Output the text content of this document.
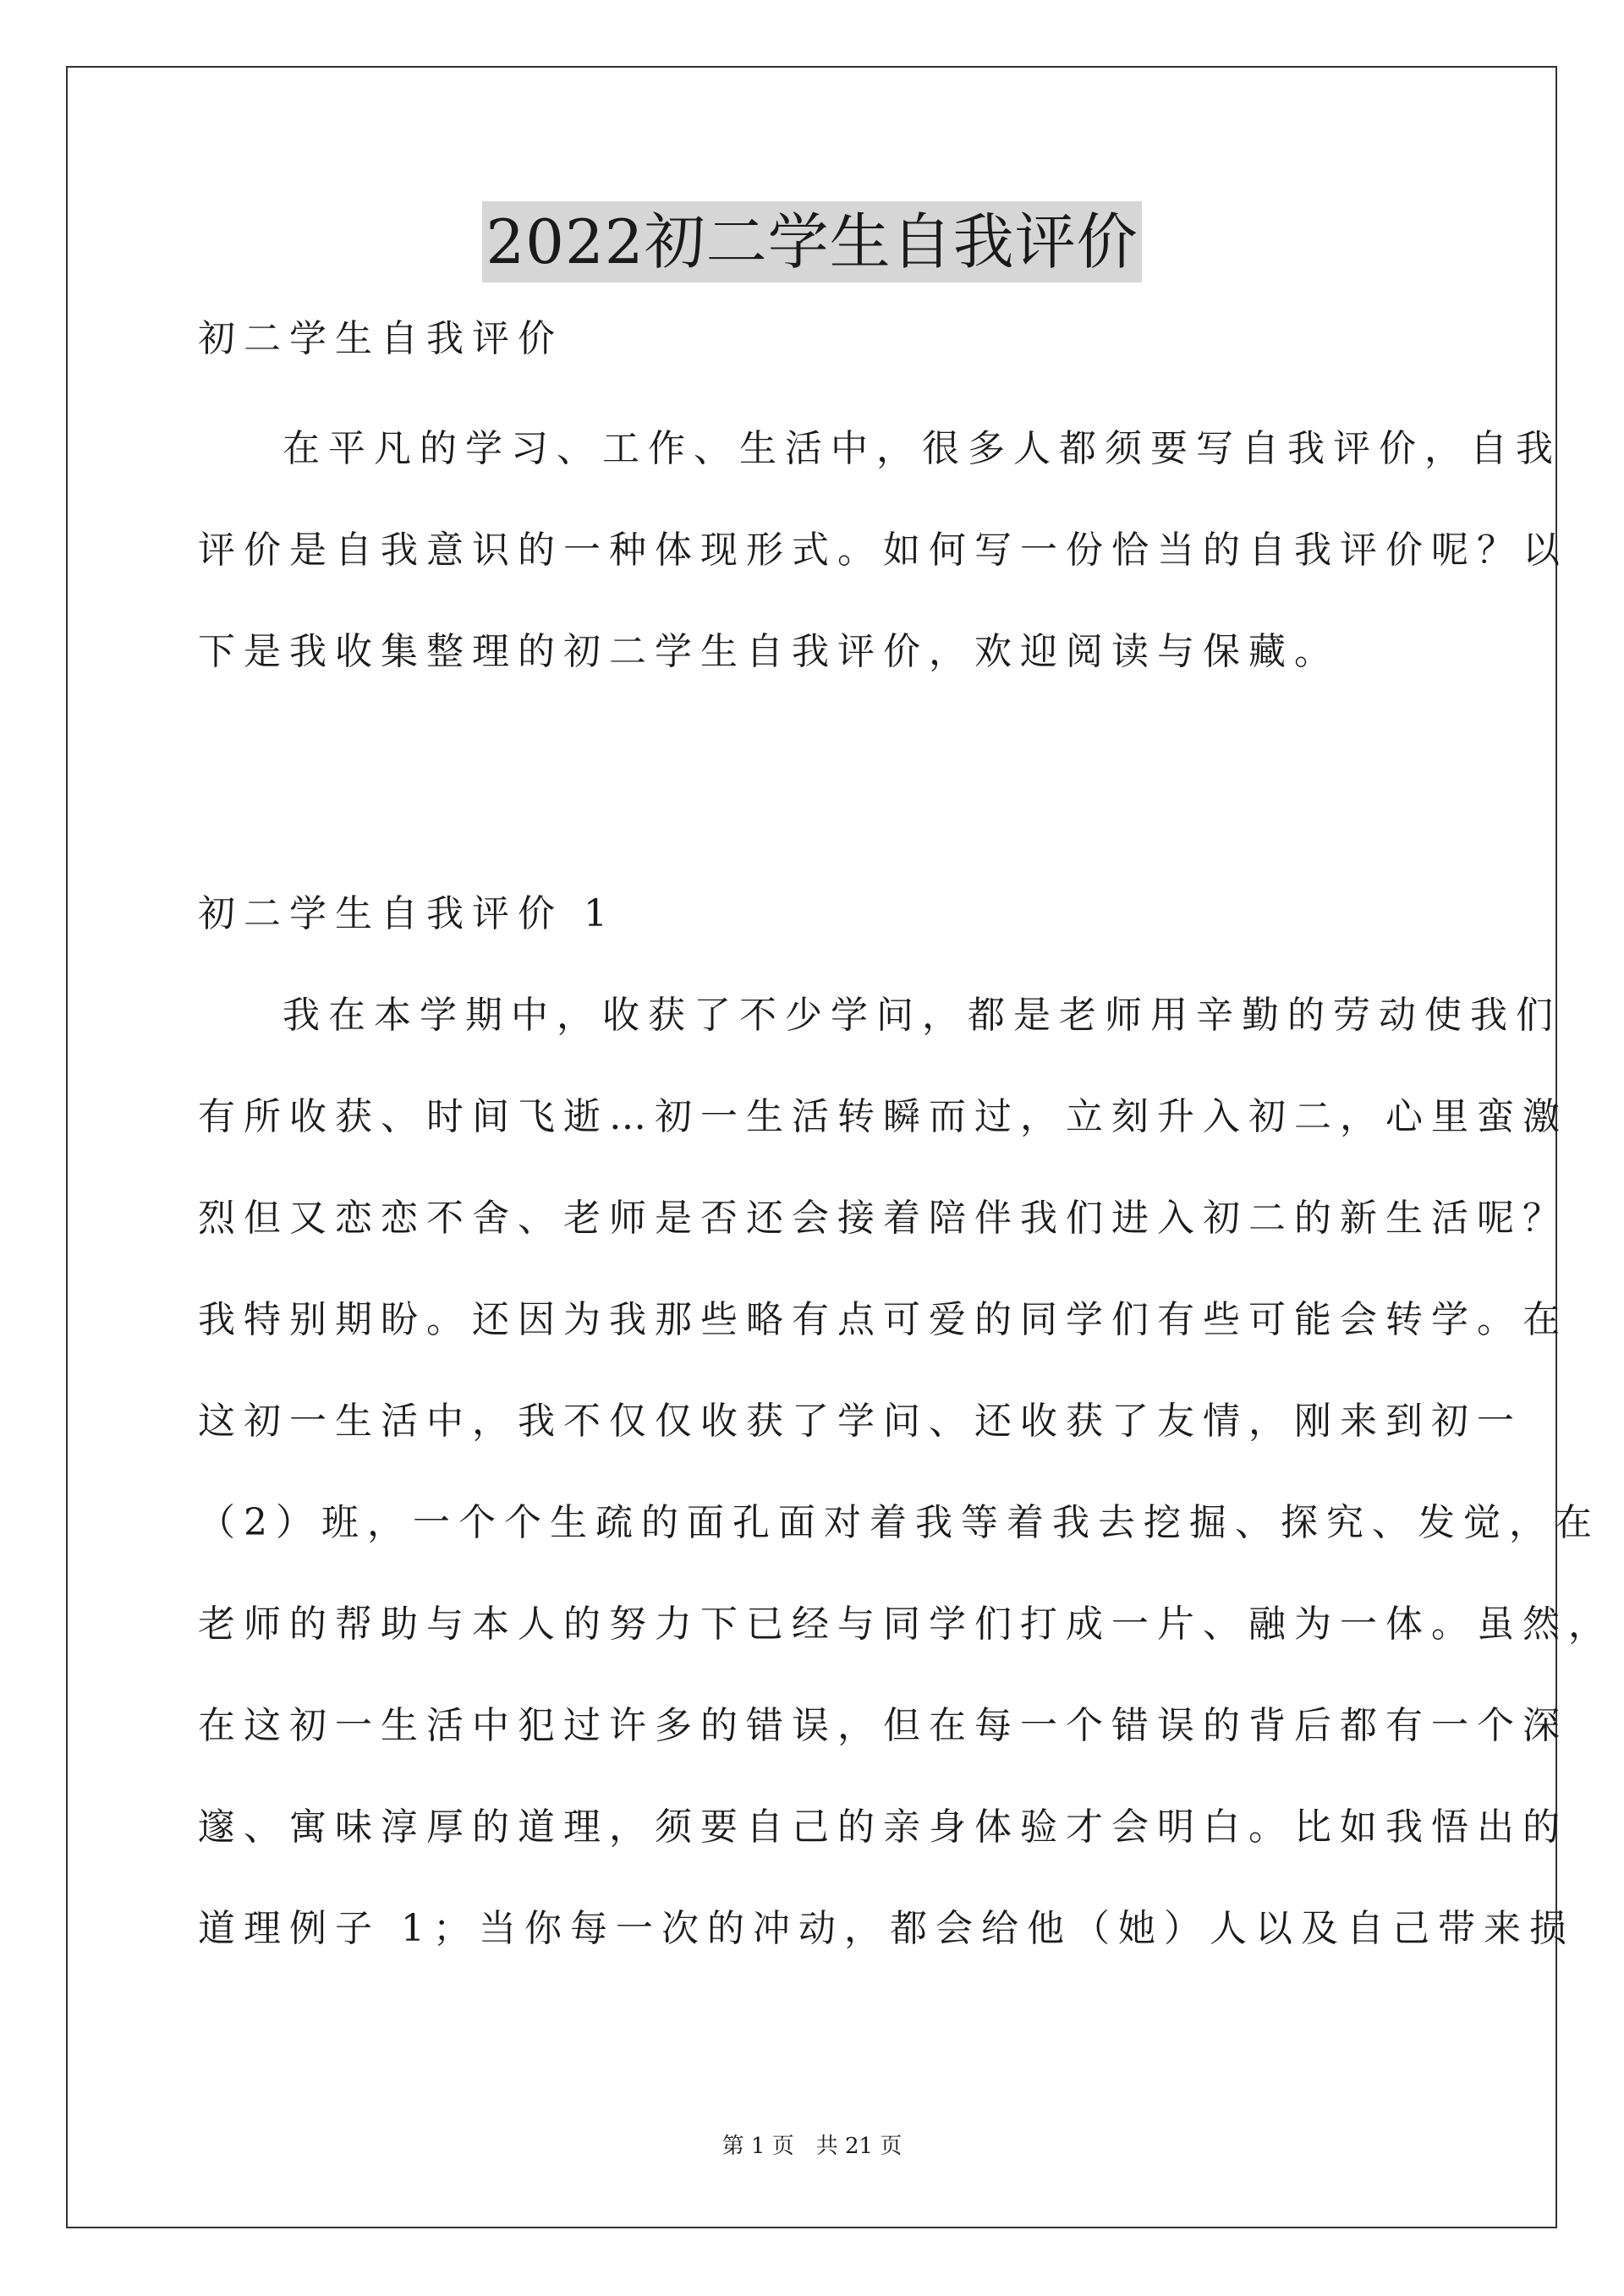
2022初二学生自我评价

初二学生自我评价

在平凡的学习、工作、生活中，很多人都须要写自我评价，自我

评价是自我意识的一种体现形式。如何写一份恰当的自我评价呢？以

下是我收集整理的初二学生自我评价，欢迎阅读与保藏。

初二学生自我评价 1

我在本学期中，收获了不少学问，都是老师用辛勤的劳动使我们

有所收获、时间飞逝…初一生活转瞬而过，立刻升入初二，心里蛮激

烈但又恋恋不舍、老师是否还会接着陪伴我们进入初二的新生活呢？

我特别期盼。还因为我那些略有点可爱的同学们有些可能会转学。在

这初一生活中，我不仅仅收获了学问、还收获了友情，刚来到初一

（2）班，一个个生疏的面孔面对着我等着我去挖掘、探究、发觉，在

老师的帮助与本人的努力下已经与同学们打成一片、融为一体。虽然，

在这初一生活中犯过许多的错误，但在每一个错误的背后都有一个深

邃、寓味淳厚的道理，须要自己的亲身体验才会明白。比如我悟出的

道理例子 1；当你每一次的冲动，都会给他（她）人以及自己带来损

第 1 页　共 21 页
